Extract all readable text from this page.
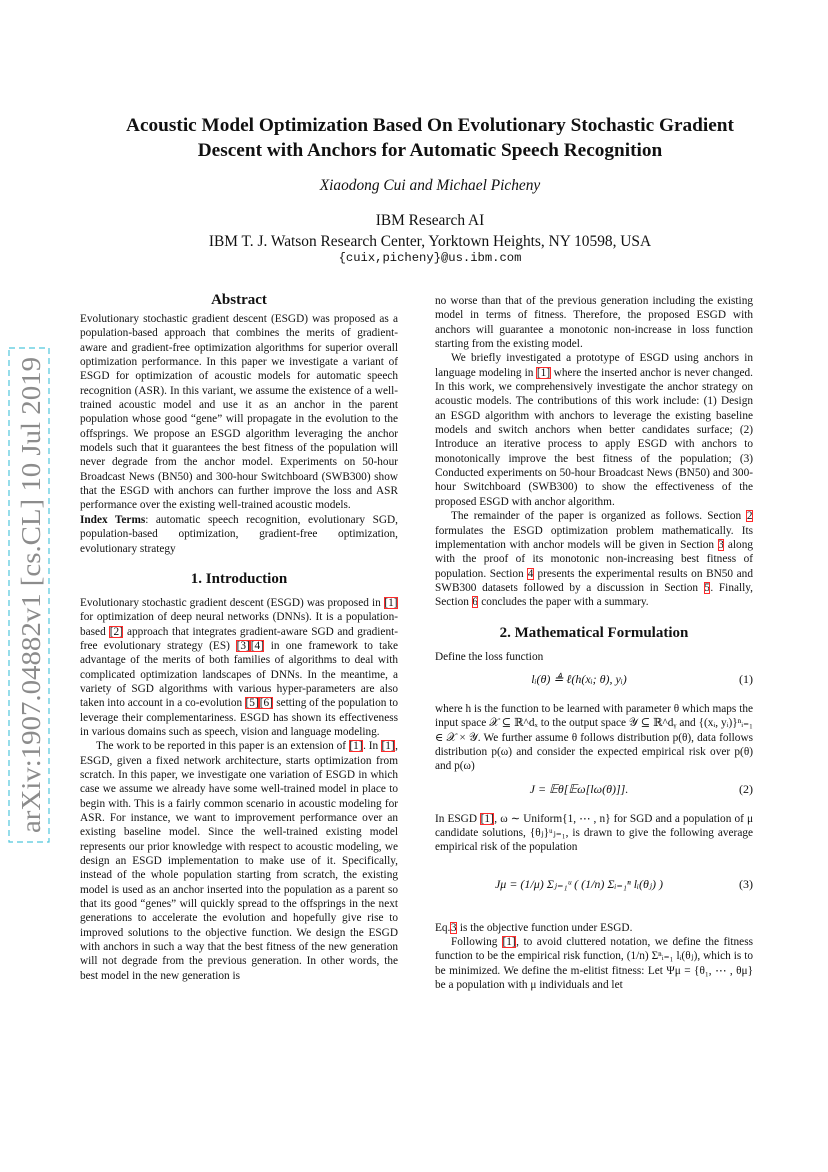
arXiv:1907.04882v1 [cs.CL] 10 Jul 2019
Acoustic Model Optimization Based On Evolutionary Stochastic Gradient
Descent with Anchors for Automatic Speech Recognition
Xiaodong Cui and Michael Picheny
IBM Research AI
IBM T. J. Watson Research Center, Yorktown Heights, NY 10598, USA
{cuix,picheny}@us.ibm.com
Abstract

Evolutionary stochastic gradient descent (ESGD) was proposed as a population-based approach that combines the merits of gradient-aware and gradient-free optimization algorithms for superior overall optimization performance. In this paper we investigate a variant of ESGD for optimization of acoustic models for automatic speech recognition (ASR). In this variant, we assume the existence of a well-trained acoustic model and use it as an anchor in the parent population whose good “gene” will propagate in the evolution to the offsprings. We propose an ESGD algorithm leveraging the anchor models such that it guarantees the best fitness of the population will never degrade from the anchor model. Experiments on 50-hour Broadcast News (BN50) and 300-hour Switchboard (SWB300) show that the ESGD with anchors can further improve the loss and ASR performance over the existing well-trained acoustic models.

Index Terms: automatic speech recognition, evolutionary SGD, population-based optimization, gradient-free optimization, evolutionary strategy

1. Introduction

Evolutionary stochastic gradient descent (ESGD) was proposed in [1] for optimization of deep neural networks (DNNs). It is a population-based [2] approach that integrates gradient-aware SGD and gradient-free evolutionary strategy (ES) [3][4] in one framework to take advantage of the merits of both families of algorithms to deal with complicated optimization landscapes of DNNs. In the meantime, a variety of SGD algorithms with various hyper-parameters are also taken into account in a co-evolution [5][6] setting of the population to leverage their complementariness. ESGD has shown its effectiveness in various domains such as speech, vision and language modeling.

The work to be reported in this paper is an extension of [1]. In [1], ESGD, given a fixed network architecture, starts optimization from scratch. In this paper, we investigate one variation of ESGD in which case we assume we already have some well-trained model in place to begin with. This is a fairly common scenario in acoustic modeling for ASR. For instance, we want to improvement performance over an existing baseline model. Since the well-trained existing model represents our prior knowledge with respect to acoustic modeling, we design an ESGD implementation to make use of it. Specifically, instead of the whole population starting from scratch, the existing model is used as an anchor inserted into the population as a parent so that its good “genes” will quickly spread to the offsprings in the next generations to accelerate the evolution and hopefully give rise to improved solutions to the objective function. We design the ESGD with anchors in such a way that the best fitness of the new generation will not degrade from the previous generation. In other words, the best model in the new generation is

no worse than that of the previous generation including the existing model in terms of fitness. Therefore, the proposed ESGD with anchors will guarantee a monotonic non-increase in loss function starting from the existing model.

We briefly investigated a prototype of ESGD using anchors in language modeling in [1] where the inserted anchor is never changed. In this work, we comprehensively investigate the anchor strategy on acoustic models. The contributions of this work include: (1) Design an ESGD algorithm with anchors to leverage the existing baseline models and switch anchors when better candidates surface; (2) Introduce an iterative process to apply ESGD with anchors to monotonically improve the best fitness of the population; (3) Conducted experiments on 50-hour Broadcast News (BN50) and 300-hour Switchboard (SWB300) to show the effectiveness of the proposed ESGD with anchor algorithm.

The remainder of the paper is organized as follows. Section 2 formulates the ESGD optimization problem mathematically. Its implementation with anchor models will be given in Section 3 along with the proof of its monotonic non-increasing best fitness of population. Section 4 presents the experimental results on BN50 and SWB300 datasets followed by a discussion in Section 5. Finally, Section 6 concludes the paper with a summary.

2. Mathematical Formulation

Define the loss function

lᵢ(θ) ≜ ℓ(h(xᵢ; θ), yᵢ)	(1)

where h is the function to be learned with parameter θ which maps the input space 𝒳 ⊆ ℝ^dₓ to the output space 𝒴 ⊆ ℝ^dᵧ and {(xᵢ, yᵢ)}ⁿᵢ₌₁ ∈ 𝒳 × 𝒴. We further assume θ follows distribution p(θ), data follows distribution p(ω) and consider the expected empirical risk over p(θ) and p(ω)

J = 𝔼θ[𝔼ω[lω(θ)]].	(2)

In ESGD [1], ω ∼ Uniform{1, ⋯ , n} for SGD and a population of μ candidate solutions, {θⱼ}ᵘⱼ₌₁, is drawn to give the following average empirical risk of the population

Jμ = (1/μ) Σⱼ₌₁ᵘ ( (1/n) Σᵢ₌₁ⁿ lᵢ(θⱼ) )	(3)

Eq.3 is the objective function under ESGD.

Following [1], to avoid cluttered notation, we define the fitness function to be the empirical risk function, (1/n) Σⁿᵢ₌₁ lᵢ(θⱼ), which is to be minimized. We define the m-elitist fitness: Let Ψμ = {θ₁, ⋯ , θμ} be a population with μ individuals and let
